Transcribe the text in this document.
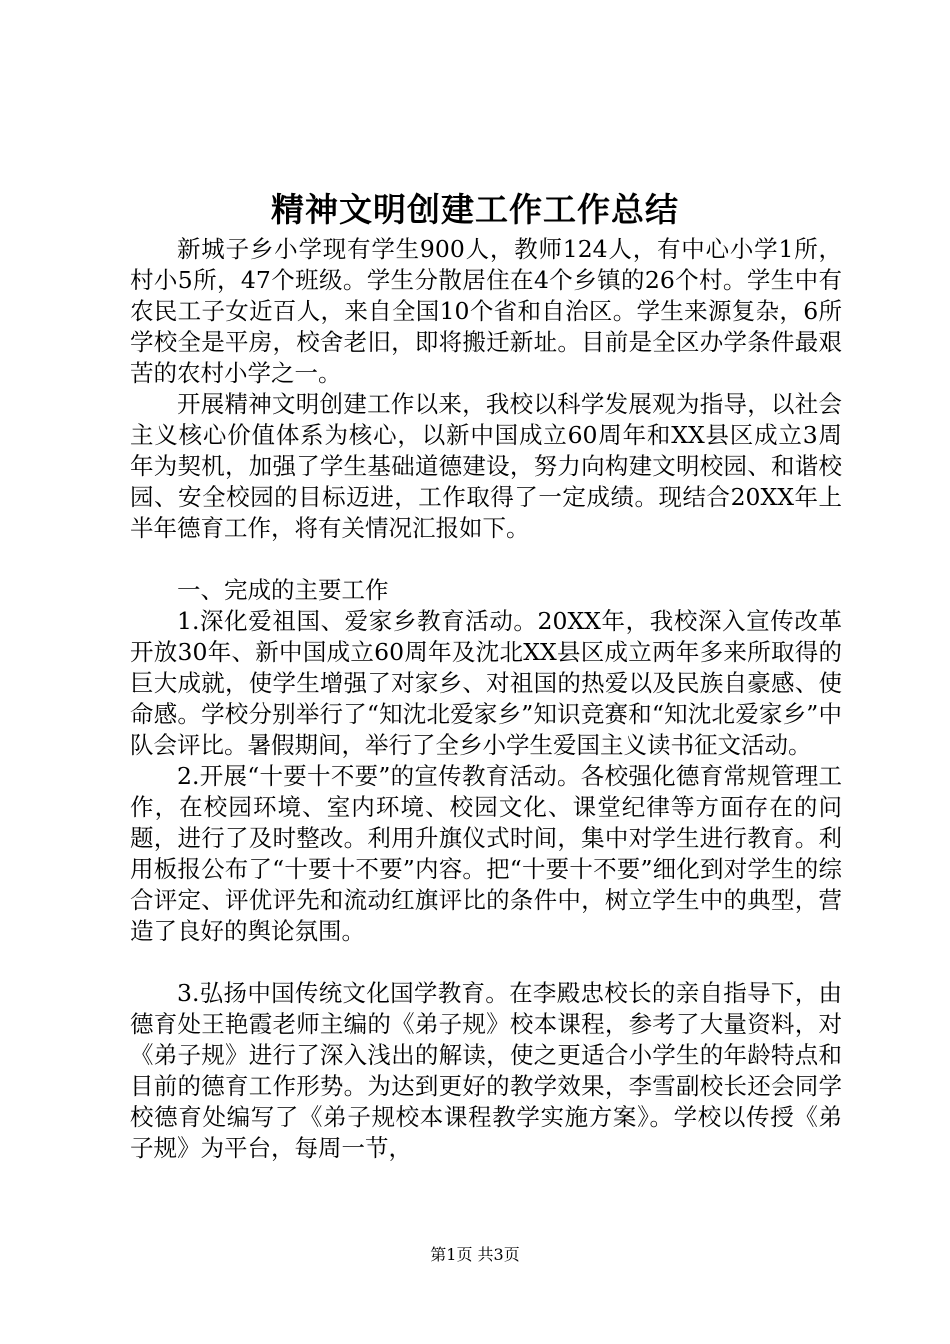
精神文明创建工作工作总结

新城子乡小学现有学生900人，教师124人，有中心小学1所，村小5所，47个班级。学生分散居住在4个乡镇的26个村。学生中有农民工子女近百人，来自全国10个省和自治区。学生来源复杂，6所学校全是平房，校舍老旧，即将搬迁新址。目前是全区办学条件最艰苦的农村小学之一。

开展精神文明创建工作以来，我校以科学发展观为指导，以社会主义核心价值体系为核心，以新中国成立60周年和XX县区成立3周年为契机，加强了学生基础道德建设，努力向构建文明校园、和谐校园、安全校园的目标迈进，工作取得了一定成绩。现结合20XX年上半年德育工作，将有关情况汇报如下。

一、完成的主要工作

1.深化爱祖国、爱家乡教育活动。20XX年，我校深入宣传改革开放30年、新中国成立60周年及沈北XX县区成立两年多来所取得的巨大成就，使学生增强了对家乡、对祖国的热爱以及民族自豪感、使命感。学校分别举行了“知沈北爱家乡”知识竞赛和“知沈北爱家乡”中队会评比。暑假期间，举行了全乡小学生爱国主义读书征文活动。

2.开展“十要十不要”的宣传教育活动。各校强化德育常规管理工作，在校园环境、室内环境、校园文化、课堂纪律等方面存在的问题，进行了及时整改。利用升旗仪式时间，集中对学生进行教育。利用板报公布了“十要十不要”内容。把“十要十不要”细化到对学生的综合评定、评优评先和流动红旗评比的条件中，树立学生中的典型，营造了良好的舆论氛围。

3.弘扬中国传统文化国学教育。在李殿忠校长的亲自指导下，由德育处王艳霞老师主编的《弟子规》校本课程，参考了大量资料，对《弟子规》进行了深入浅出的解读，使之更适合小学生的年龄特点和目前的德育工作形势。为达到更好的教学效果，李雪副校长还会同学校德育处编写了《弟子规校本课程教学实施方案》。学校以传授《弟子规》为平台，每周一节，

第1页 共3页
